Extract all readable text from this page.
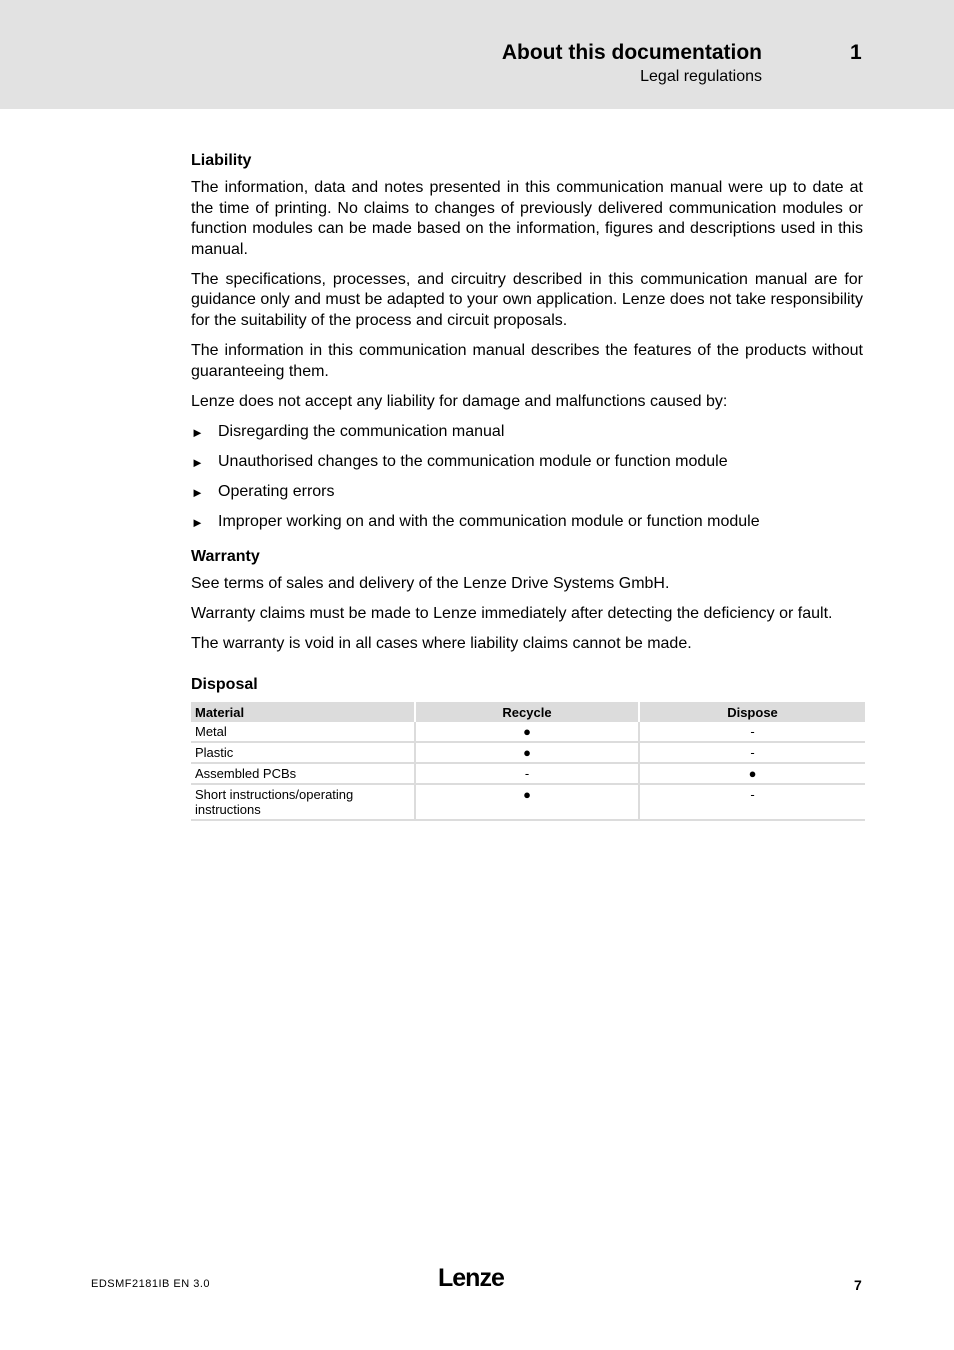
About this documentation	1
Legal regulations
Liability

The information, data and notes presented in this communication manual were up to date at the time of printing. No claims to changes of previously delivered communication modules or function modules can be made based on the information, figures and descriptions used in this manual.

The specifications, processes, and circuitry described in this communication manual are for guidance only and must be adapted to your own application. Lenze does not take responsibility for the suitability of the process and circuit proposals.

The information in this communication manual describes the features of the products without guaranteeing them.

Lenze does not accept any liability for damage and malfunctions caused by:

► Disregarding the communication manual
► Unauthorised changes to the communication module or function module
► Operating errors
► Improper working on and with the communication module or function module
Warranty

See terms of sales and delivery of the Lenze Drive Systems GmbH.

Warranty claims must be made to Lenze immediately after detecting the deficiency or fault.

The warranty is void in all cases where liability claims cannot be made.

Disposal
Material	Recycle	Dispose
Metal	●	-
Plastic	●	-
Assembled PCBs	-	●
Short instructions/operating instructions	●	-
EDSMF2181IB EN 3.0	Lenze	7
